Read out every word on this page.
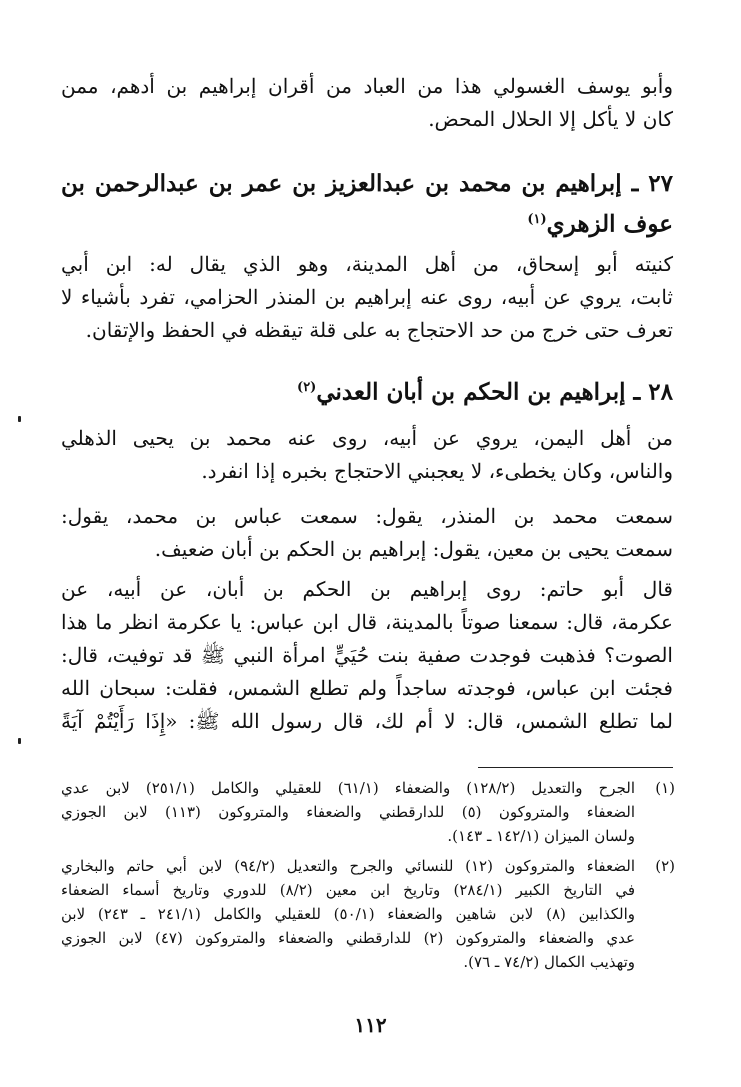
وأبو يوسف الغسولي هذا من العباد من أقران إبراهيم بن أدهم، ممن
كان لا يأكل إلا الحلال المحض.
٢٧ ـ إبراهيم بن محمد بن عبدالعزيز بن عمر بن عبدالرحمن بن
عوف الزهري$^{(١)}$
كنيته أبو إسحاق، من أهل المدينة، وهو الذي يقال له: ابن أبي
ثابت، يروي عن أبيه، روى عنه إبراهيم بن المنذر الحزامي، تفرد بأشياء لا
تعرف حتى خرج من حد الاحتجاج به على قلة تيقظه في الحفظ والإتقان.
٢٨ ـ إبراهيم بن الحكم بن أبان العدني$^{(٢)}$
من أهل اليمن، يروي عن أبيه، روى عنه محمد بن يحيى الذهلي
والناس، وكان يخطىء، لا يعجبني الاحتجاج بخبره إذا انفرد.
سمعت محمد بن المنذر، يقول: سمعت عباس بن محمد، يقول:
سمعت يحيى بن معين، يقول: إبراهيم بن الحكم بن أبان ضعيف.
قال أبو حاتم: روى إبراهيم بن الحكم بن أبان، عن أبيه، عن
عكرمة، قال: سمعنا صوتاً بالمدينة، قال ابن عباس: يا عكرمة انظر ما هذا
الصوت؟ فذهبت فوجدت صفية بنت حُيَيٍّ امرأة النبي ﷺ قد توفيت، قال:
فجئت ابن عباس، فوجدته ساجداً ولم تطلع الشمس، فقلت: سبحان الله
لما تطلع الشمس، قال: لا أم لك، قال رسول الله ﷺ: «إِذَا رَأَيْتُمْ آيَةً
(١)
الجرح والتعديل (١٢٨/٢) والضعفاء (٦١/١) للعقيلي والكامل (٢٥١/١) لابن عدي
الضعفاء والمتروكون (٥) للدارقطني والضعفاء والمتروكون (١١٣) لابن الجوزي
ولسان الميزان (١٤٢/١ ـ ١٤٣).
(٢)
الضعفاء والمتروكون (١٢) للنسائي والجرح والتعديل (٩٤/٢) لابن أبي حاتم والبخاري
في التاريخ الكبير (٢٨٤/١) وتاريخ ابن معين (٨/٢) للدوري وتاريخ أسماء الضعفاء
والكذابين (٨) لابن شاهين والضعفاء (٥٠/١) للعقيلي والكامل (٢٤١/١ ـ ٢٤٣) لابن
عدي والضعفاء والمتروكون (٢) للدارقطني والضعفاء والمتروكون (٤٧) لابن الجوزي
وتهذيب الكمال (٧٤/٢ ـ ٧٦).
١١٢
